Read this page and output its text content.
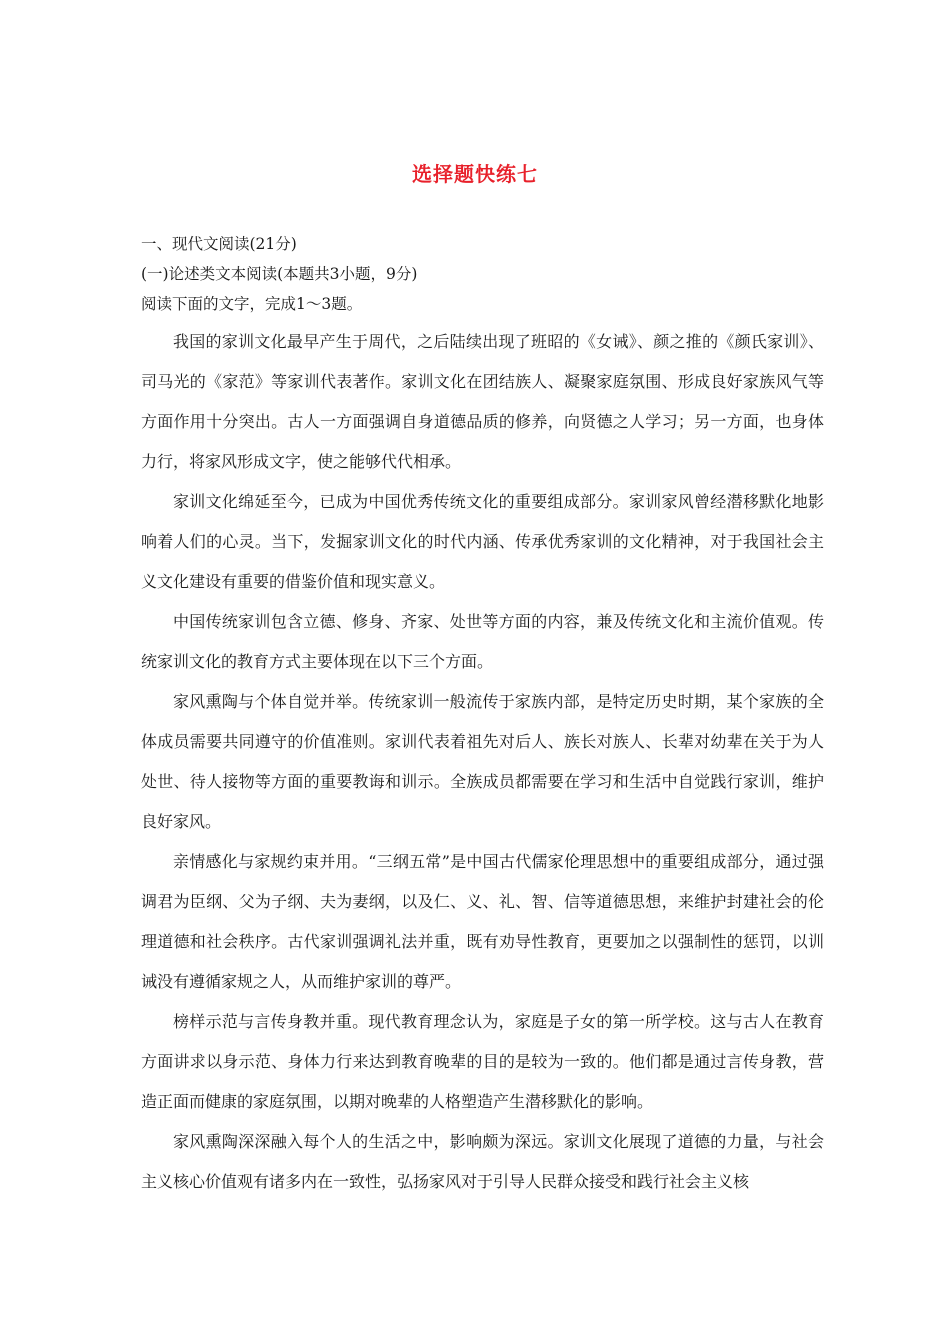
选择题快练七
一、现代文阅读(21分)
(一)论述类文本阅读(本题共3小题，9分)
阅读下面的文字，完成1～3题。

我国的家训文化最早产生于周代，之后陆续出现了班昭的《女诫》、颜之推的《颜氏家训》、司马光的《家范》等家训代表著作。家训文化在团结族人、凝聚家庭氛围、形成良好家族风气等方面作用十分突出。古人一方面强调自身道德品质的修养，向贤德之人学习；另一方面，也身体力行，将家风形成文字，使之能够代代相承。

家训文化绵延至今，已成为中国优秀传统文化的重要组成部分。家训家风曾经潜移默化地影响着人们的心灵。当下，发掘家训文化的时代内涵、传承优秀家训的文化精神，对于我国社会主义文化建设有重要的借鉴价值和现实意义。

中国传统家训包含立德、修身、齐家、处世等方面的内容，兼及传统文化和主流价值观。传统家训文化的教育方式主要体现在以下三个方面。

家风熏陶与个体自觉并举。传统家训一般流传于家族内部，是特定历史时期，某个家族的全体成员需要共同遵守的价值准则。家训代表着祖先对后人、族长对族人、长辈对幼辈在关于为人处世、待人接物等方面的重要教诲和训示。全族成员都需要在学习和生活中自觉践行家训，维护良好家风。

亲情感化与家规约束并用。“三纲五常”是中国古代儒家伦理思想中的重要组成部分，通过强调君为臣纲、父为子纲、夫为妻纲，以及仁、义、礼、智、信等道德思想，来维护封建社会的伦理道德和社会秩序。古代家训强调礼法并重，既有劝导性教育，更要加之以强制性的惩罚，以训诫没有遵循家规之人，从而维护家训的尊严。

榜样示范与言传身教并重。现代教育理念认为，家庭是子女的第一所学校。这与古人在教育方面讲求以身示范、身体力行来达到教育晚辈的目的是较为一致的。他们都是通过言传身教，营造正面而健康的家庭氛围，以期对晚辈的人格塑造产生潜移默化的影响。

家风熏陶深深融入每个人的生活之中，影响颇为深远。家训文化展现了道德的力量，与社会主义核心价值观有诸多内在一致性，弘扬家风对于引导人民群众接受和践行社会主义核
